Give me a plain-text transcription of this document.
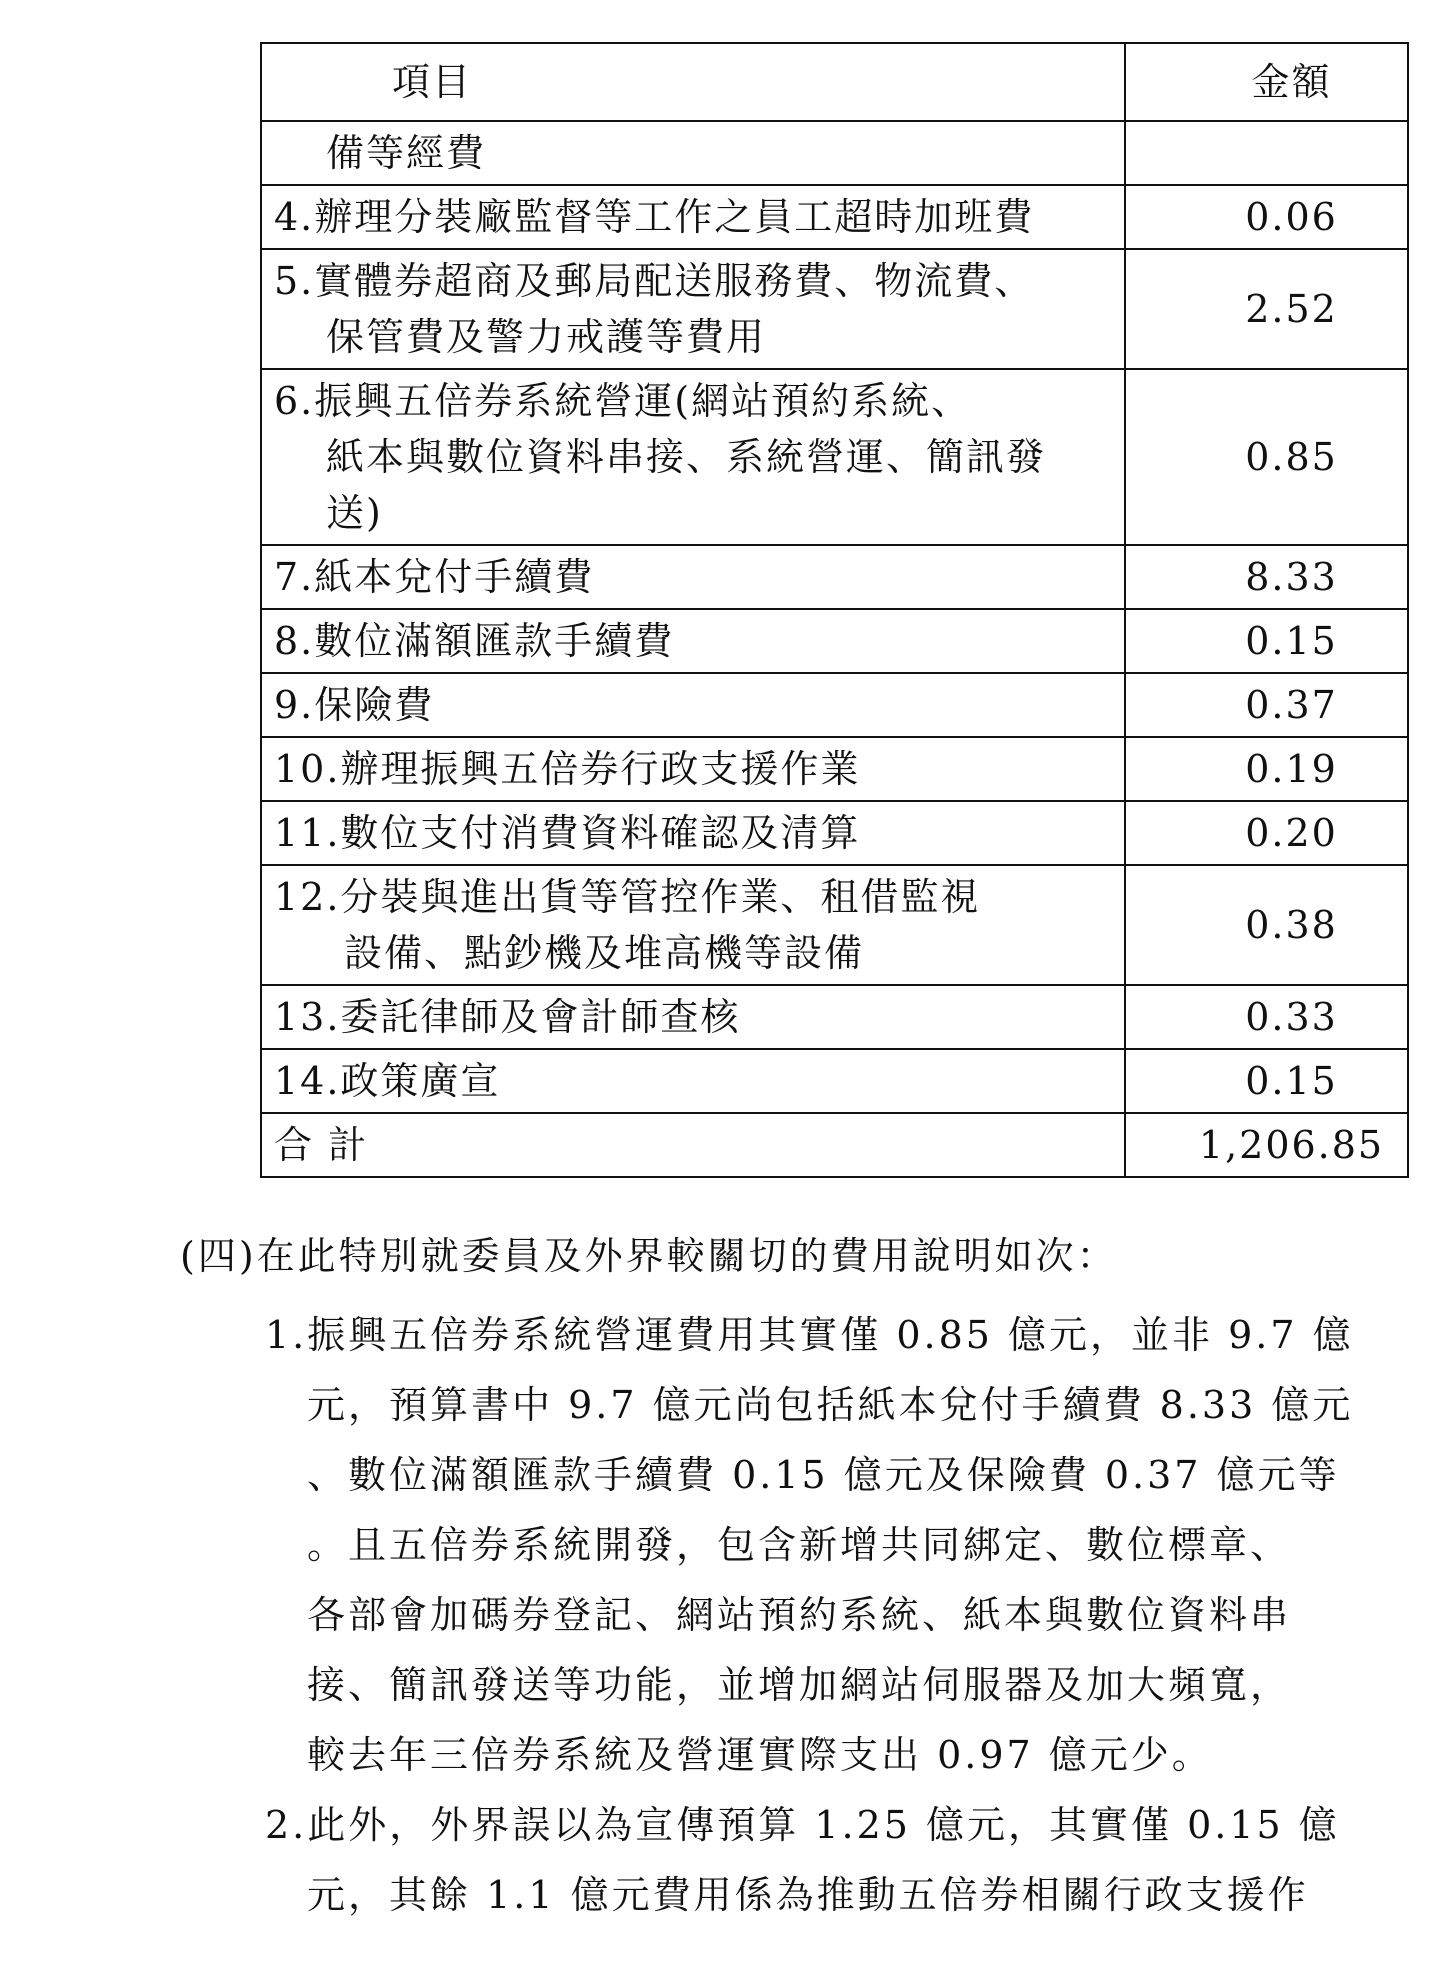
項目	金額

備等經費	

4.辦理分裝廠監督等工作之員工超時加班費	0.06

5.實體券超商及郵局配送服務費、物流費、
保管費及警力戒護等費用	2.52

6.振興五倍券系統營運(網站預約系統、
紙本與數位資料串接、系統營運、簡訊發
送)	0.85

7.紙本兌付手續費	8.33

8.數位滿額匯款手續費	0.15

9.保險費	0.37

10.辦理振興五倍券行政支援作業	0.19

11.數位支付消費資料確認及清算	0.20

12.分裝與進出貨等管控作業、租借監視
設備、點鈔機及堆高機等設備	0.38

13.委託律師及會計師查核	0.33

14.政策廣宣	0.15

合 計	1,206.85
(四)在此特別就委員及外界較關切的費用說明如次：
1.振興五倍券系統營運費用其實僅 0.85 億元，並非 9.7 億
元，預算書中 9.7 億元尚包括紙本兌付手續費 8.33 億元
、數位滿額匯款手續費 0.15 億元及保險費 0.37 億元等
。且五倍券系統開發，包含新增共同綁定、數位標章、
各部會加碼券登記、網站預約系統、紙本與數位資料串
接、簡訊發送等功能，並增加網站伺服器及加大頻寬，
較去年三倍券系統及營運實際支出 0.97 億元少。
2.此外，外界誤以為宣傳預算 1.25 億元，其實僅 0.15 億
元，其餘 1.1 億元費用係為推動五倍券相關行政支援作
